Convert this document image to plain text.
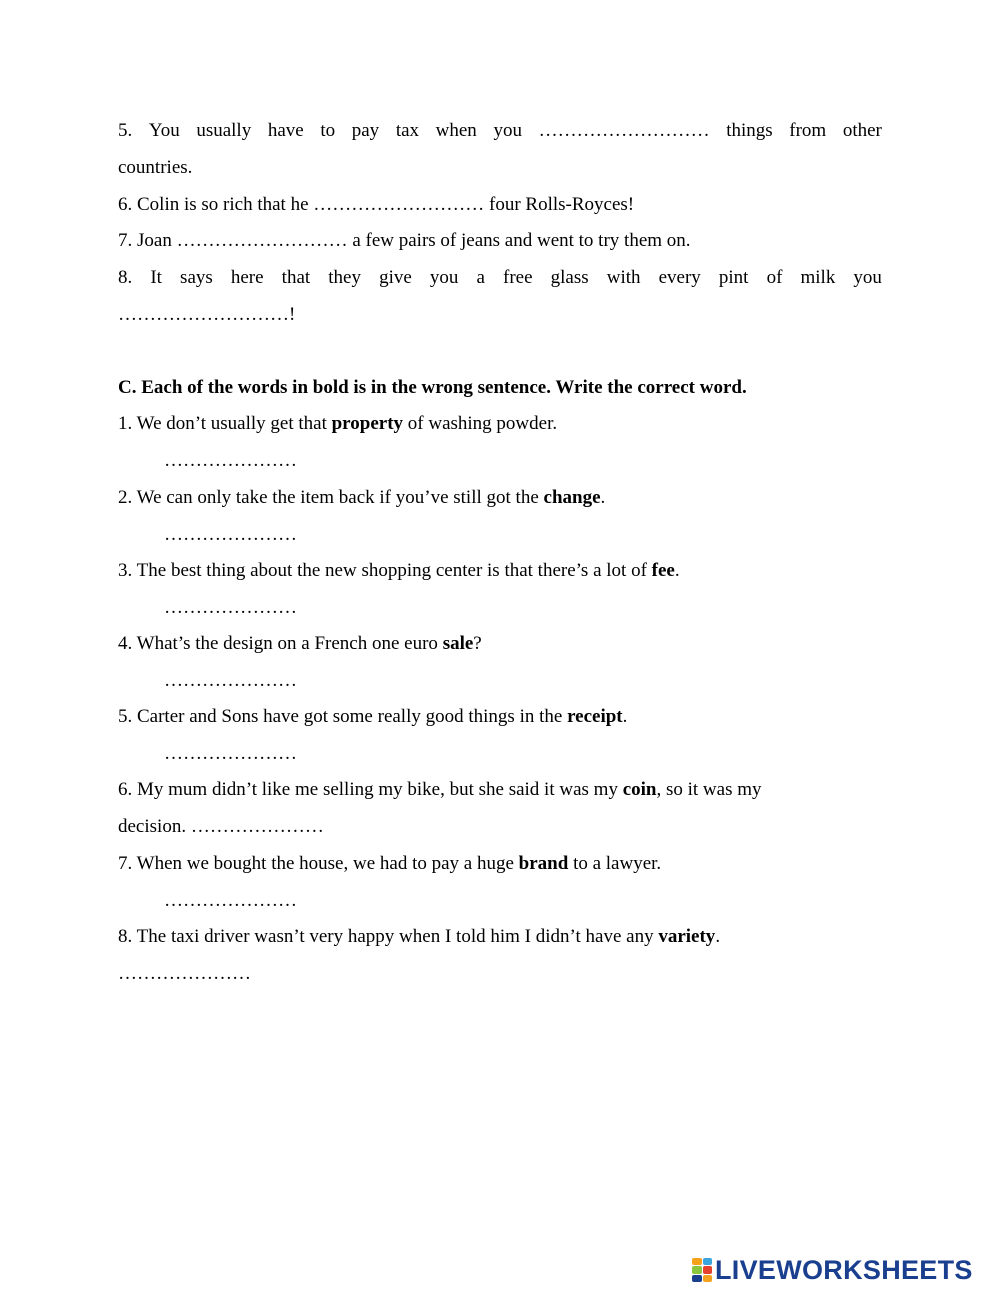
5. You usually have to pay tax when you ……………………… things from other
countries.
6. Colin is so rich that he ……………………… four Rolls-Royces!
7. Joan ……………………… a few pairs of jeans and went to try them on.
8. It says here that they give you a free glass with every pint of milk you
………………………!
C. Each of the words in bold is in the wrong sentence. Write the correct word.
1. We don’t usually get that property of washing powder.
…………………
2. We can only take the item back if you’ve still got the change.
…………………
3. The best thing about the new shopping center is that there’s a lot of fee.
…………………
4. What’s the design on a French one euro sale?
…………………
5. Carter and Sons have got some really good things in the receipt.
…………………
6. My mum didn’t like me selling my bike, but she said it was my coin, so it was my
decision. …………………
7. When we bought the house, we had to pay a huge brand to a lawyer.
…………………
8. The taxi driver wasn’t very happy when I told him I didn’t have any variety.
…………………
LIVEWORKSHEETS
